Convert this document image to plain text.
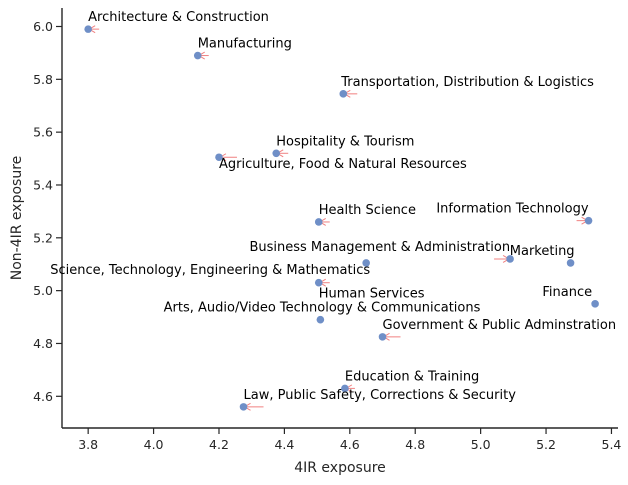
3.8	4.0	4.2	4.4	4.6	4.8	5.0	5.2	5.4
4.6
4.8
5.0
5.2
5.4
5.6
5.8
6.0
Architecture & Construction
Manufacturing
Transportation, Distribution & Logistics
Hospitality & Tourism
Agriculture, Food & Natural Resources
Health Science Information Technology
Business Management & Administration Marketing
Science, Technology, Engineering & Mathematics
Human Services	Finance
Arts, Audio/Video Technology & Communications
Government & Public Adminstration
Education & Training
Law, Public Safety, Corrections & Security
4IR exposure
Non-4IR exposure
